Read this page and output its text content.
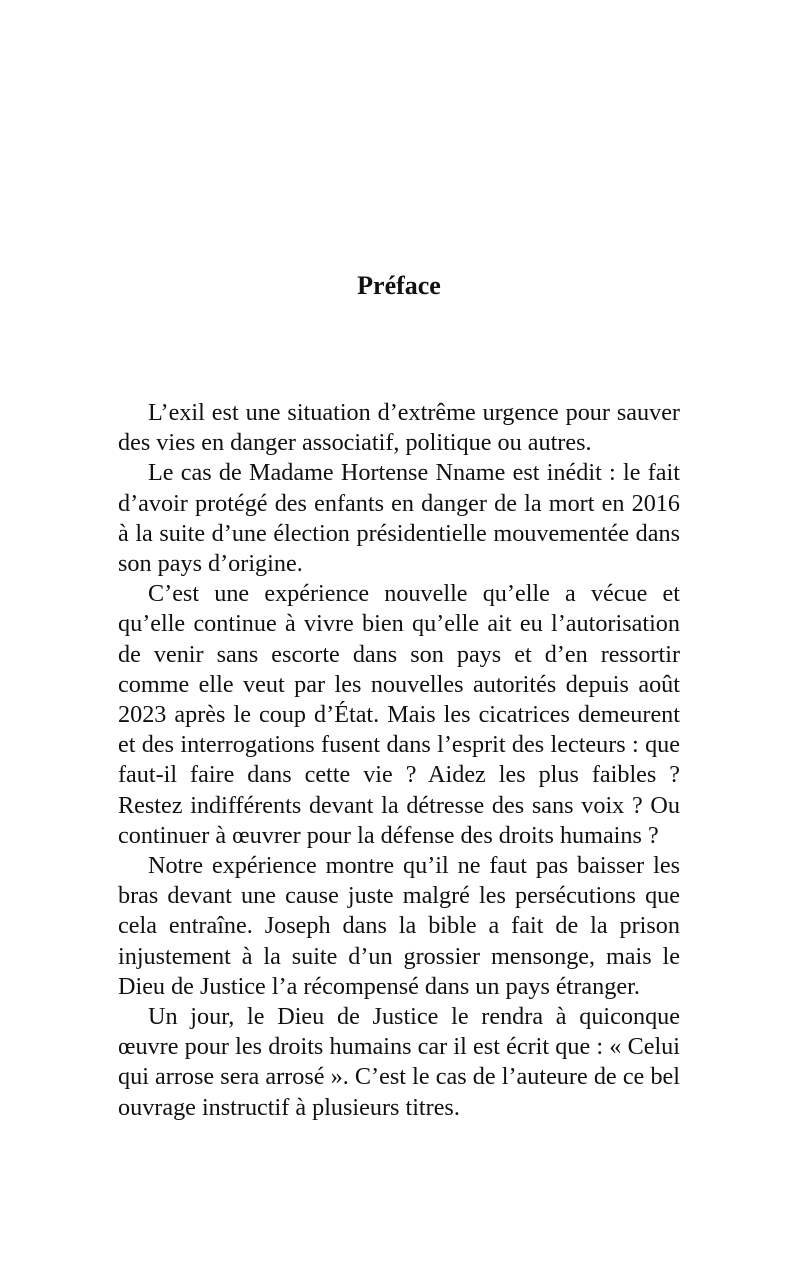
Préface

L’exil est une situation d’extrême urgence pour sauver des vies en danger associatif, politique ou autres.

Le cas de Madame Hortense Nname est inédit : le fait d’avoir protégé des enfants en danger de la mort en 2016 à la suite d’une élection présidentielle mouvementée dans son pays d’origine.

C’est une expérience nouvelle qu’elle a vécue et qu’elle continue à vivre bien qu’elle ait eu l’autorisation de venir sans escorte dans son pays et d’en ressortir comme elle veut par les nouvelles autorités depuis août 2023 après le coup d’État. Mais les cicatrices demeurent et des interrogations fusent dans l’esprit des lecteurs : que faut-il faire dans cette vie ? Aidez les plus faibles ? Restez indifférents devant la détresse des sans voix ? Ou continuer à œuvrer pour la défense des droits humains ?

Notre expérience montre qu’il ne faut pas baisser les bras devant une cause juste malgré les persécutions que cela entraîne. Joseph dans la bible a fait de la prison injustement à la suite d’un grossier mensonge, mais le Dieu de Justice l’a récompensé dans un pays étranger.

Un jour, le Dieu de Justice le rendra à quiconque œuvre pour les droits humains car il est écrit que : « Celui qui arrose sera arrosé ». C’est le cas de l’auteure de ce bel ouvrage instructif à plusieurs titres.
